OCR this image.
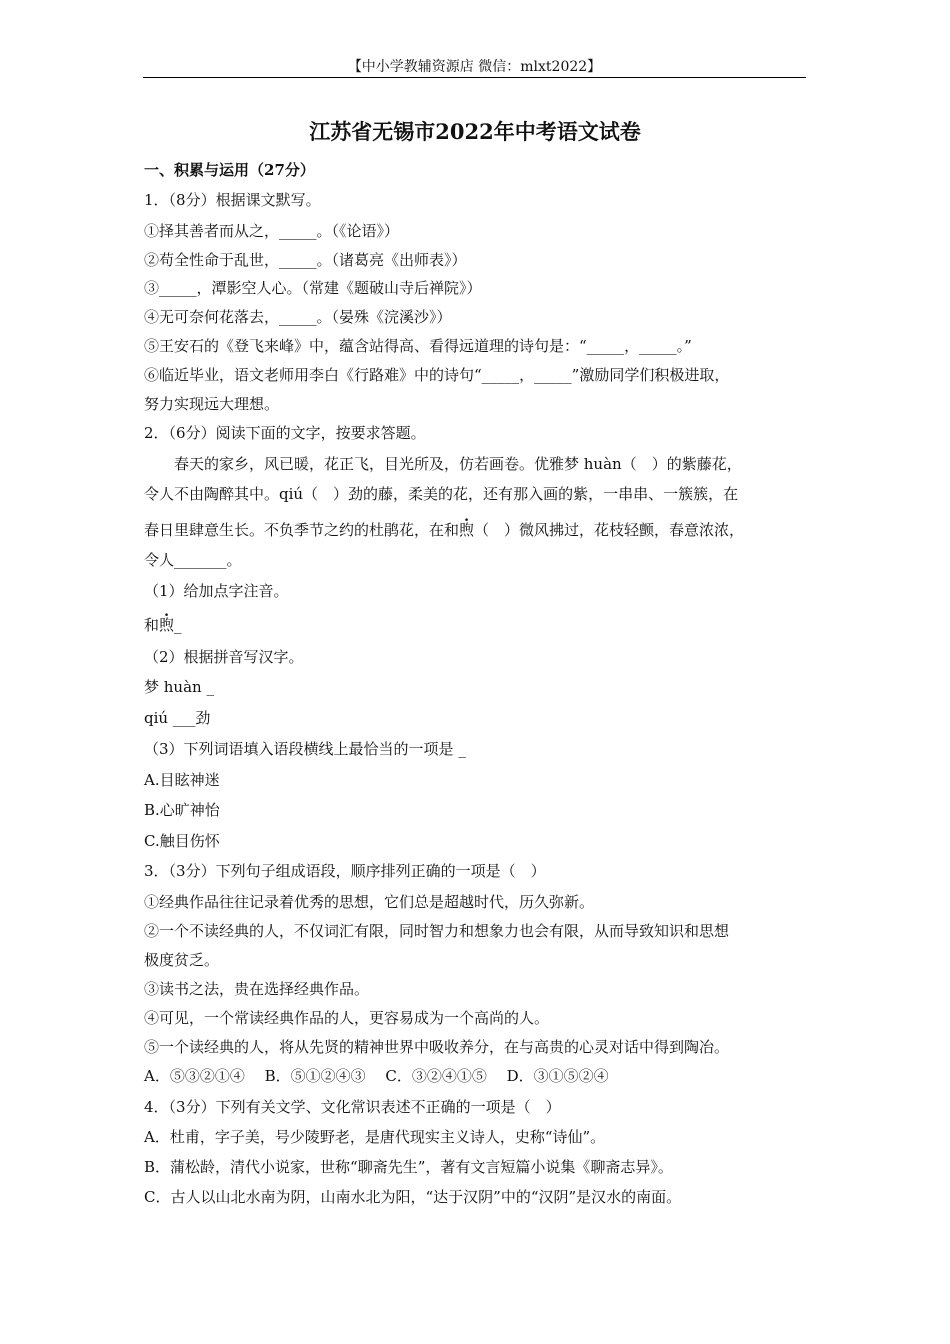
【中小学教辅资源店 微信：mlxt2022】
江苏省无锡市2022年中考语文试卷
一、积累与运用（27分）
1．（8分）根据课文默写。
①择其善者而从之，_____。（《论语》）
②苟全性命于乱世，_____。（诸葛亮《出师表》）
③_____，潭影空人心。（常建《题破山寺后禅院》）
④无可奈何花落去，_____。（晏殊《浣溪沙》）
⑤王安石的《登飞来峰》中，蕴含站得高、看得远道理的诗句是：“_____，_____。”
⑥临近毕业，语文老师用李白《行路难》中的诗句“_____，_____”激励同学们积极进取，
努力实现远大理想。
2．（6分）阅读下面的文字，按要求答题。
　　春天的家乡，风已暖，花正飞，目光所及，仿若画卷。优雅梦 huàn（　）的紫藤花，
令人不由陶醉其中。qiú（　）劲的藤，柔美的花，还有那入画的紫，一串串、一簇簇，在
春日里肆意生长。不负季节之约的杜鹃花，在和煦（　）微风拂过，花枝轻颤，春意浓浓，
令人_______。
（1）给加点字注音。
和煦_
（2）根据拼音写汉字。
梦 huàn _
qiú ___劲
（3）下列词语填入语段横线上最恰当的一项是 _
A.目眩神迷
B.心旷神怡
C.触目伤怀
3．（3分）下列句子组成语段，顺序排列正确的一项是（　）
①经典作品往往记录着优秀的思想，它们总是超越时代，历久弥新。
②一个不读经典的人，不仅词汇有限，同时智力和想象力也会有限，从而导致知识和思想
极度贫乏。
③读书之法，贵在选择经典作品。
④可见，一个常读经典作品的人，更容易成为一个高尚的人。
⑤一个读经典的人，将从先贤的精神世界中吸收养分，在与高贵的心灵对话中得到陶冶。
A．⑤③②①④　 B．⑤①②④③　 C．③②④①⑤　 D．③①⑤②④
4．（3分）下列有关文学、文化常识表述不正确的一项是（　）
A．杜甫，字子美，号少陵野老，是唐代现实主义诗人，史称“诗仙”。
B．蒲松龄，清代小说家，世称“聊斋先生”，著有文言短篇小说集《聊斋志异》。
C．古人以山北水南为阴，山南水北为阳，“达于汉阴”中的“汉阴”是汉水的南面。
